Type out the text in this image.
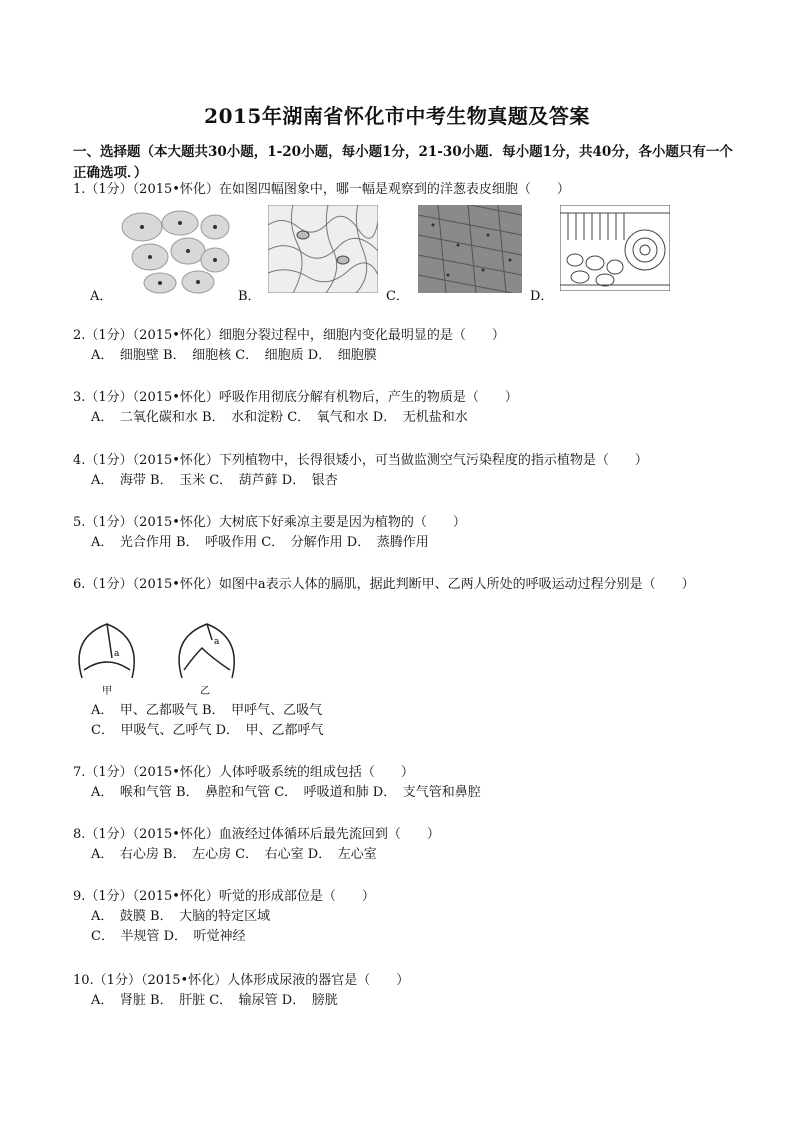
2015年湖南省怀化市中考生物真题及答案
一、选择题（本大题共30小题，1-20小题，每小题1分，21-30小题．每小题1分，共40分，各小题只有一个正确选项．）
1.（1分）（2015•怀化）在如图四幅图象中，哪一幅是观察到的洋葱表皮细胞（　　）
A．	B．	C．	D．
2.（1分）（2015•怀化）细胞分裂过程中，细胞内变化最明显的是（　　）
A．　细胞壁 B．　细胞核 C．　细胞质 D．　细胞膜
3.（1分）（2015•怀化）呼吸作用彻底分解有机物后，产生的物质是（　　）
A．　二氧化碳和水 B．　水和淀粉 C．　氧气和水 D．　无机盐和水
4.（1分）（2015•怀化）下列植物中，长得很矮小，可当做监测空气污染程度的指示植物是（　　）
A．　海带 B．　玉米 C．　葫芦藓 D．　银杏
5.（1分）（2015•怀化）大树底下好乘凉主要是因为植物的（　　）
A．　光合作用 B．　呼吸作用 C．　分解作用 D．　蒸腾作用
6.（1分）（2015•怀化）如图中a表示人体的膈肌，据此判断甲、乙两人所处的呼吸运动过程分别是（　　）
a
a
甲	乙
A．　甲、乙都吸气 B．　甲呼气、乙吸气
C．　甲吸气、乙呼气 D．　甲、乙都呼气
7.（1分）（2015•怀化）人体呼吸系统的组成包括（　　）
A．　喉和气管 B．　鼻腔和气管 C．　呼吸道和肺 D．　支气管和鼻腔
8.（1分）（2015•怀化）血液经过体循环后最先流回到（　　）
A．　右心房 B．　左心房 C．　右心室 D．　左心室
9.（1分）（2015•怀化）听觉的形成部位是（　　）
A．　鼓膜 B．　大脑的特定区域
C．　半规管 D．　听觉神经
10.（1分）（2015•怀化）人体形成尿液的器官是（　　）
A．　肾脏 B．　肝脏 C．　输尿管 D．　膀胱
